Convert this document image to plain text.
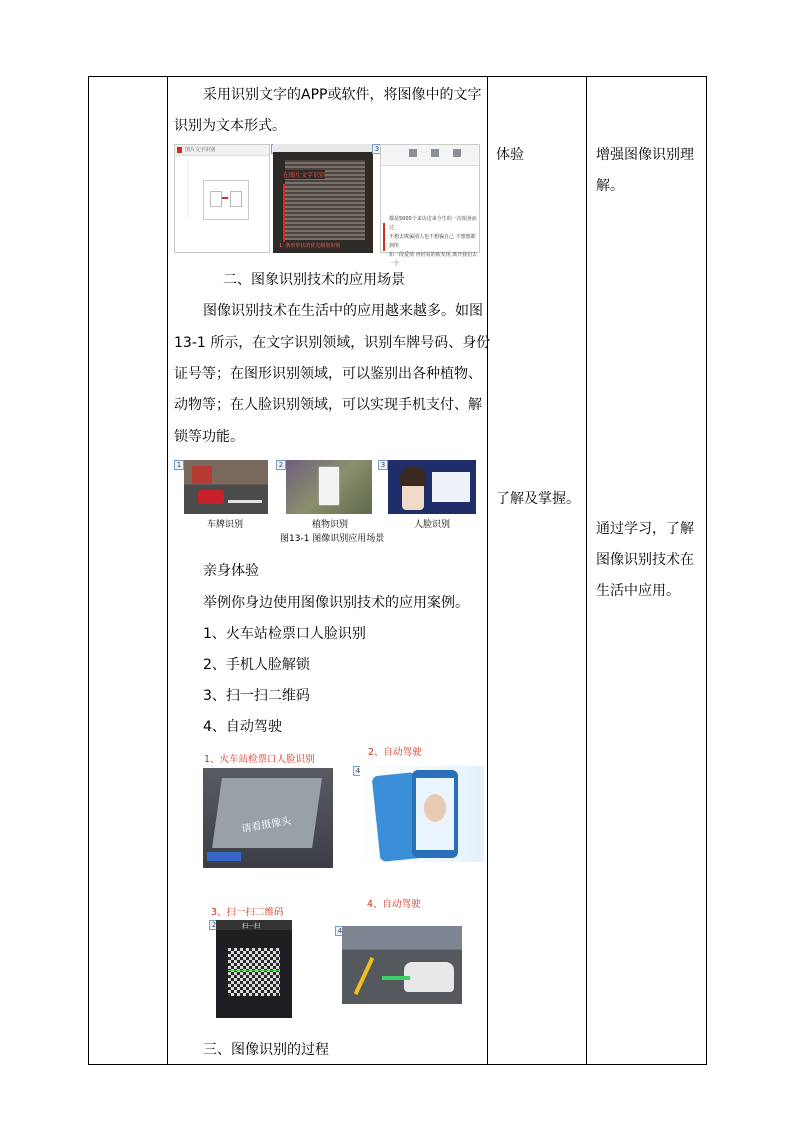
采用识别文字的APP或软件，将图像中的文字
识别为文本形式。
图片文字识别
在图片文字识别
1. 条形形状的优先级别识别
3
都是5000个来访送来今生的一次相身而过
不想去欺骗别人也不想骗自己 不想想都到所
如一段爱情 再轻易的彼发现 离开我们去一个
二、图象识别技术的应用场景
图像识别技术在生活中的应用越来越多。如图
13-1 所示，在文字识别领域，识别车牌号码、身份
证号等；在图形识别领域，可以鉴别出各种植物、
动物等；在人脸识别领域，可以实现手机支付、解
锁等功能。
1	2	3
车牌识别	植物识别	人脸识别
图13-1 图像识别应用场景
亲身体验
举例你身边使用图像识别技术的应用案例。
1、火车站检票口人脸识别
2、手机人脸解锁
3、扫一扫二维码
4、自动驾驶
1、火车站检票口人脸识别
请看摄像头
2、自动驾驶
4
3、扫一扫二维码
2	扫一扫
4、自动驾驶
4
三、图像识别的过程
体验
了解及掌握。
增强图像识别理
解。
通过学习，了解
图像识别技术在
生活中应用。
